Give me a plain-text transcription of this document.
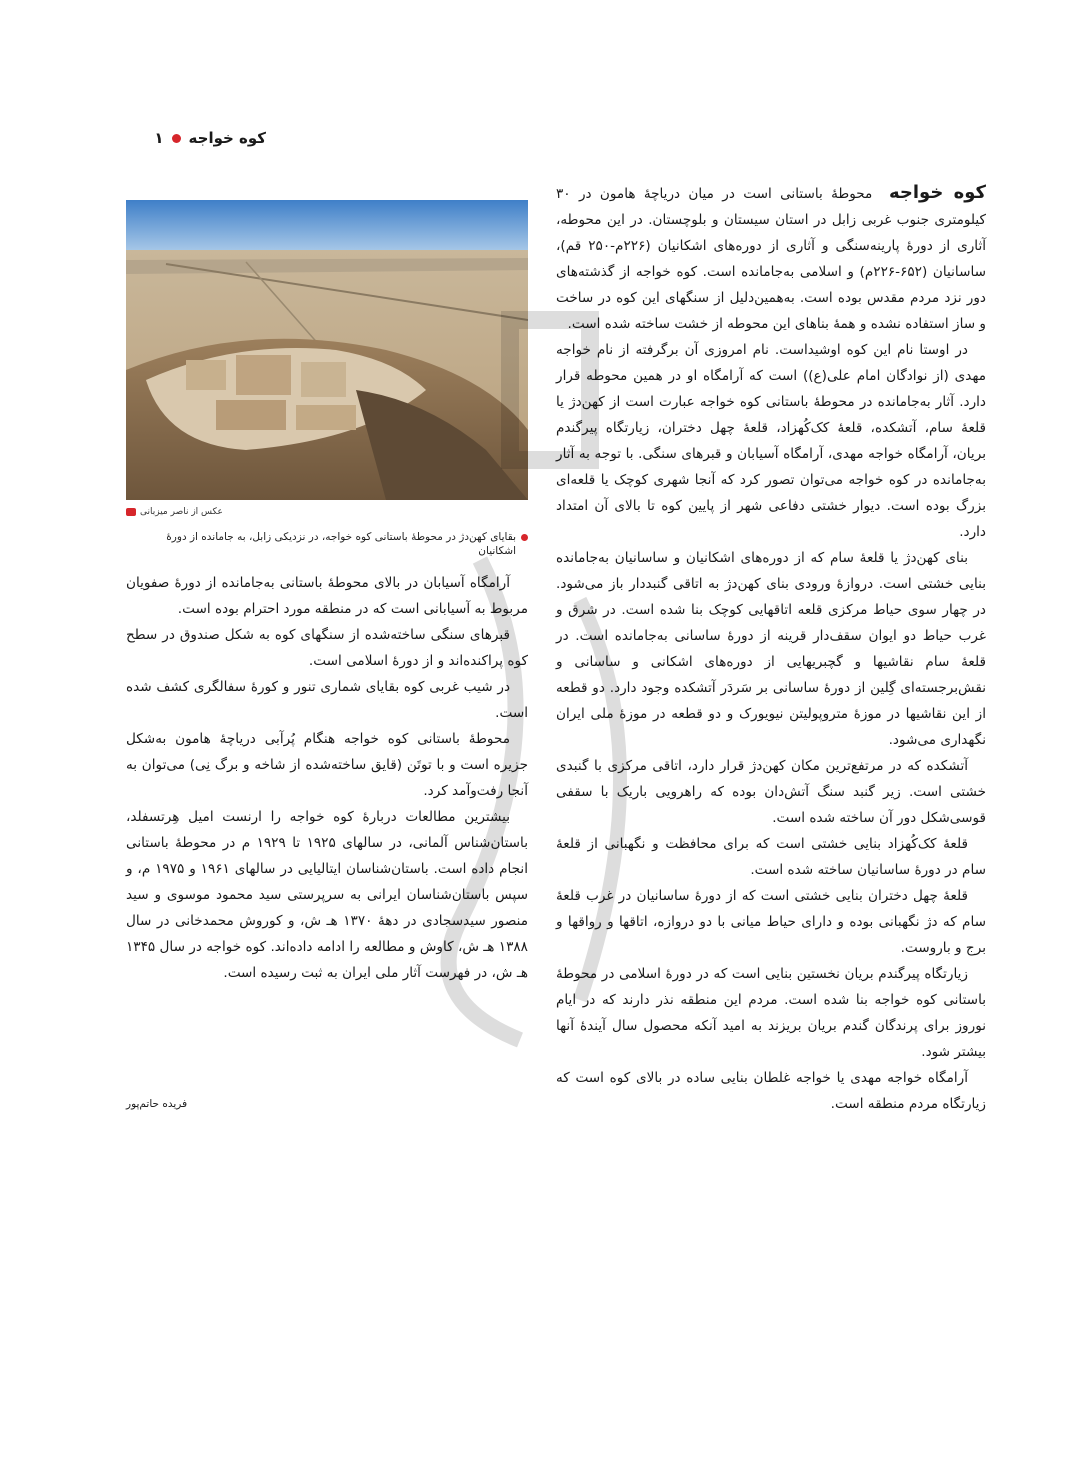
کوه خواجه
۱
عکس از ناصر میزبانی
بقایای کهن‌دژ در محوطهٔ باستانی کوه خواجه، در نزدیکی زابل، به جامانده از دورهٔ اشکانیان

کوه خواجه  محوطهٔ باستانی است در میان دریاچهٔ هامون در ۳۰ کیلومتری جنوب غربی زابل در استان سیستان و بلوچستان. در این محوطه، آثاری از دورهٔ پارینه‌سنگی و آثاری از دوره‌های اشکانیان (۲۲۶م-۲۵۰ قم)، ساسانیان (۶۵۲-۲۲۶م) و اسلامی به‌جامانده است. کوه خواجه از گذشته‌های دور نزد مردم مقدس بوده است. به‌همین‌دلیل از سنگهای این کوه در ساخت و ساز استفاده نشده و همهٔ بناهای این محوطه از خشت ساخته شده است.

در اوستا نام این کوه اوشیداست. نام امروزی آن برگرفته از نام خواجه مهدی (از نوادگان امام علی(ع)) است که آرامگاه او در همین محوطه قرار دارد. آثار به‌جامانده در محوطهٔ باستانی کوه خواجه عبارت است از کهن‌دژ یا قلعهٔ سام، آتشکده، قلعهٔ کک‌کُهزاد، قلعهٔ چهل دختران، زیارتگاه پیرگندم بریان، آرامگاه خواجه مهدی، آرامگاه آسیابان و قبرهای سنگی. با توجه به آثار به‌جامانده در کوه خواجه می‌توان تصور کرد که آنجا شهری کوچک یا قلعه‌ای بزرگ بوده است. دیوار خشتی دفاعی شهر از پایین کوه تا بالای آن امتداد دارد.

بنای کهن‌دژ یا قلعهٔ سام که از دوره‌های اشکانیان و ساسانیان به‌جامانده بنایی خشتی است. دروازهٔ ورودی بنای کهن‌دژ به اتاقی گنبددار باز می‌شود. در چهار سوی حیاط مرکزی قلعه اتاقهایی کوچک بنا شده است. در شرق و غرب حیاط دو ایوان سقف‌دار قرینه از دورهٔ ساسانی به‌جامانده است. در قلعهٔ سام نقاشیها و گچبریهایی از دوره‌های اشکانی و ساسانی و نقش‌برجسته‌ای گِلین از دورهٔ ساسانی بر سَردَر آتشکده وجود دارد. دو قطعه از این نقاشیها در موزهٔ متروپولیتن نیویورک و دو قطعه در موزهٔ ملی ایران نگهداری می‌شود.

آتشکده که در مرتفع‌ترین مکان کهن‌دژ قرار دارد، اتاقی مرکزی با گنبدی خشتی است. زیر گنبد سنگ آتش‌دان بوده که راهرویی باریک با سقفی قوسی‌شکل دور آن ساخته شده است.

قلعهٔ کک‌کُهزاد بنایی خشتی است که برای محافظت و نگهبانی از قلعهٔ سام در دورهٔ ساسانیان ساخته شده است.

قلعهٔ چهل دختران بنایی خشتی است که از دورهٔ ساسانیان در غرب قلعهٔ سام که دژ نگهبانی بوده و دارای حیاط میانی با دو دروازه، اتاقها و رواقها و برج و باروست.

زیارتگاه پیرگندم بریان نخستین بنایی است که در دورهٔ اسلامی در محوطهٔ باستانی کوه خواجه بنا شده است. مردم این منطقه نذر دارند که در ایام نوروز برای پرندگان گندم بریان بریزند به امید آنکه محصول سال آیندهٔ آنها بیشتر شود.

آرامگاه خواجه مهدی یا خواجه غلطان بنایی ساده در بالای کوه است که زیارتگاه مردم منطقه است.

آرامگاه آسیابان در بالای محوطهٔ باستانی به‌جامانده از دورهٔ صفویان مربوط به آسیابانی است که در منطقه مورد احترام بوده است.

قبرهای سنگی ساخته‌شده از سنگهای کوه به شکل صندوق در سطح کوه پراکنده‌اند و از دورهٔ اسلامی است.

در شیب غربی کوه بقایای شماری تنور و کورهٔ سفالگری کشف شده است.

محوطهٔ باستانی کوه خواجه هنگام پُرآبی دریاچهٔ هامون به‌شکل جزیره است و با توتَن (قایق ساخته‌شده از شاخه و برگ نِی) می‌توان به آنجا رفت‌وآمد کرد.

بیشترین مطالعات دربارهٔ کوه خواجه را ارنست امیل هِرتسفلد، باستان‌شناس آلمانی، در سالهای ۱۹۲۵ تا ۱۹۲۹ م در محوطهٔ باستانی انجام داده است. باستان‌شناسان ایتالیایی در سالهای ۱۹۶۱ و ۱۹۷۵ م، و سپس باستان‌شناسان ایرانی به سرپرستی سید محمود موسوی و سید منصور سیدسجادی در دههٔ ۱۳۷۰ هـ ش، و کوروش محمدخانی در سال ۱۳۸۸ هـ ش، کاوش و مطالعه را ادامه داده‌اند. کوه خواجه در سال ۱۳۴۵ هـ ش، در فهرست آثار ملی ایران به ثبت رسیده است.

فریده حاتم‌پور
